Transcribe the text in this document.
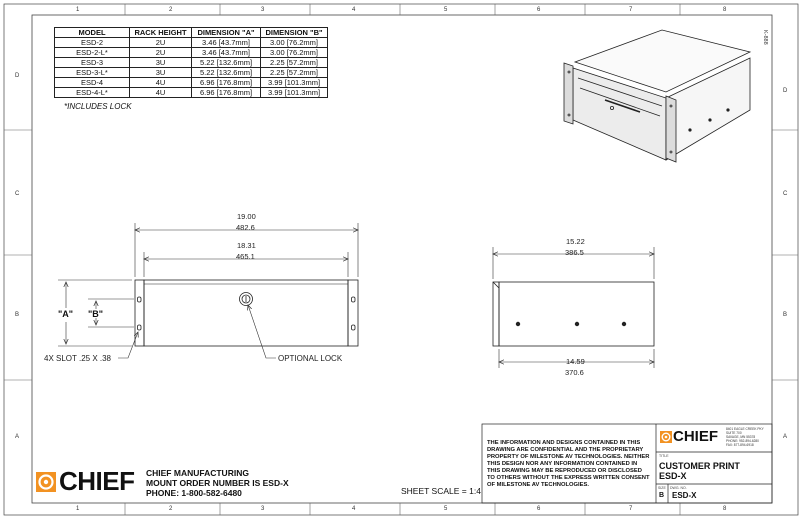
1	2	3	4	5	6	7	8
1	2	3	4	5	6	7	8
D
C
B
A
D
C
B
A
K-888
MODEL	RACK HEIGHT	DIMENSION "A"	DIMENSION "B"
ESD-2	2U	3.46 [43.7mm]	3.00 [76.2mm]
ESD-2-L*	2U	3.46 [43.7mm]	3.00 [76.2mm]
ESD-3	3U	5.22 [132.6mm]	2.25 [57.2mm]
ESD-3-L*	3U	5.22 [132.6mm]	2.25 [57.2mm]
ESD-4	4U	6.96 [176.8mm]	3.99 [101.3mm]
ESD-4-L*	4U	6.96 [176.8mm]	3.99 [101.3mm]
*INCLUDES LOCK
19.00
482.6
18.31
465.1
"A" "B"
4X SLOT .25 X .38	OPTIONAL LOCK
15.22
386.5
14.59
370.6
CHIEF CHIEF MANUFACTURING
MOUNT ORDER NUMBER IS ESD-X
PHONE: 1-800-582-6480	SHEET SCALE = 1:4
THE INFORMATION AND DESIGNS CONTAINED IN THIS
DRAWING ARE CONFIDENTIAL AND THE PROPRIETARY
PROPERTY OF MILESTONE AV TECHNOLOGIES. NEITHER
THIS DESIGN NOR ANY INFORMATION CONTAINED IN
THIS DRAWING MAY BE REPRODUCED OR DISCLOSED
TO OTHERS WITHOUT THE EXPRESS WRITTEN CONSENT
OF MILESTONE AV TECHNOLOGIES.
CHIEF	8401 EAGLE CREEK PKY
SUITE 700
SAVAGE, MN 55378
PHONE: 952-894-6280
FAX: 877-894-6918
TITLE
CUSTOMER PRINT
ESD-X
SIZE DWG. NO.
B ESD-X
